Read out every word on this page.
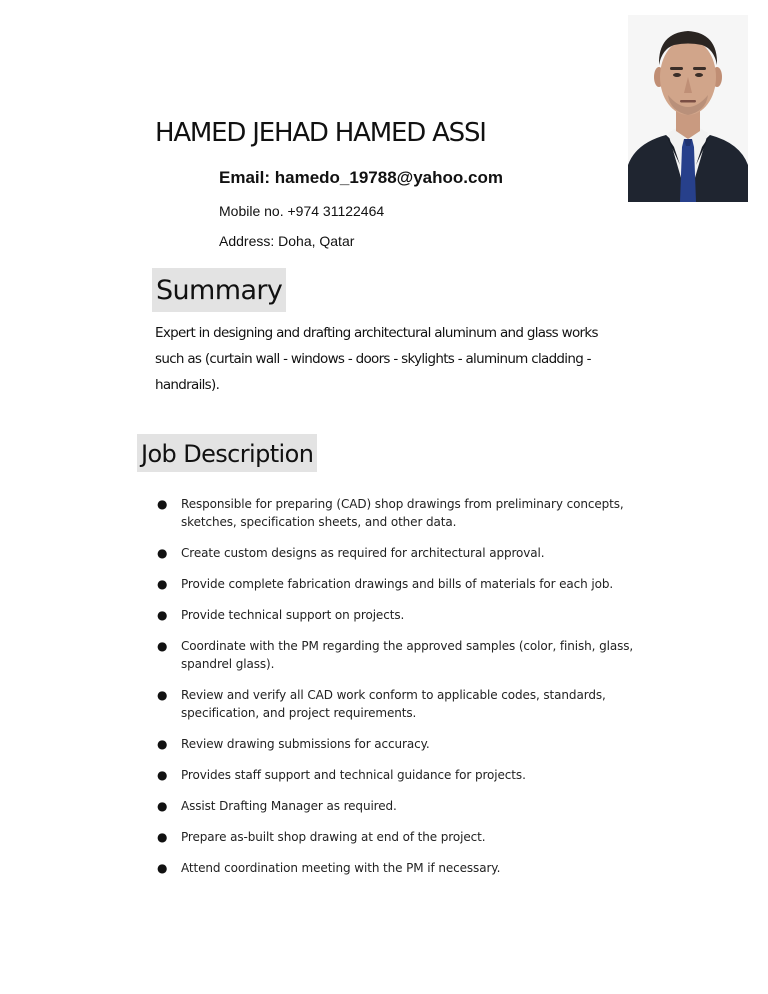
HAMED JEHAD HAMED ASSI
Email: hamedo_19788@yahoo.com
Mobile no. +974 31122464
Address: Doha, Qatar
Summary
Expert in designing and drafting architectural aluminum and glass works such as (curtain wall - windows - doors - skylights - aluminum cladding - handrails).
Job Description
● Responsible for preparing (CAD) shop drawings from preliminary concepts, sketches, specification sheets, and other data.
● Create custom designs as required for architectural approval.
● Provide complete fabrication drawings and bills of materials for each job.
● Provide technical support on projects.
● Coordinate with the PM regarding the approved samples (color, finish, glass, spandrel glass).
● Review and verify all CAD work conform to applicable codes, standards, specification, and project requirements.
● Review drawing submissions for accuracy.
● Provides staff support and technical guidance for projects.
● Assist Drafting Manager as required.
● Prepare as-built shop drawing at end of the project.
● Attend coordination meeting with the PM if necessary.
